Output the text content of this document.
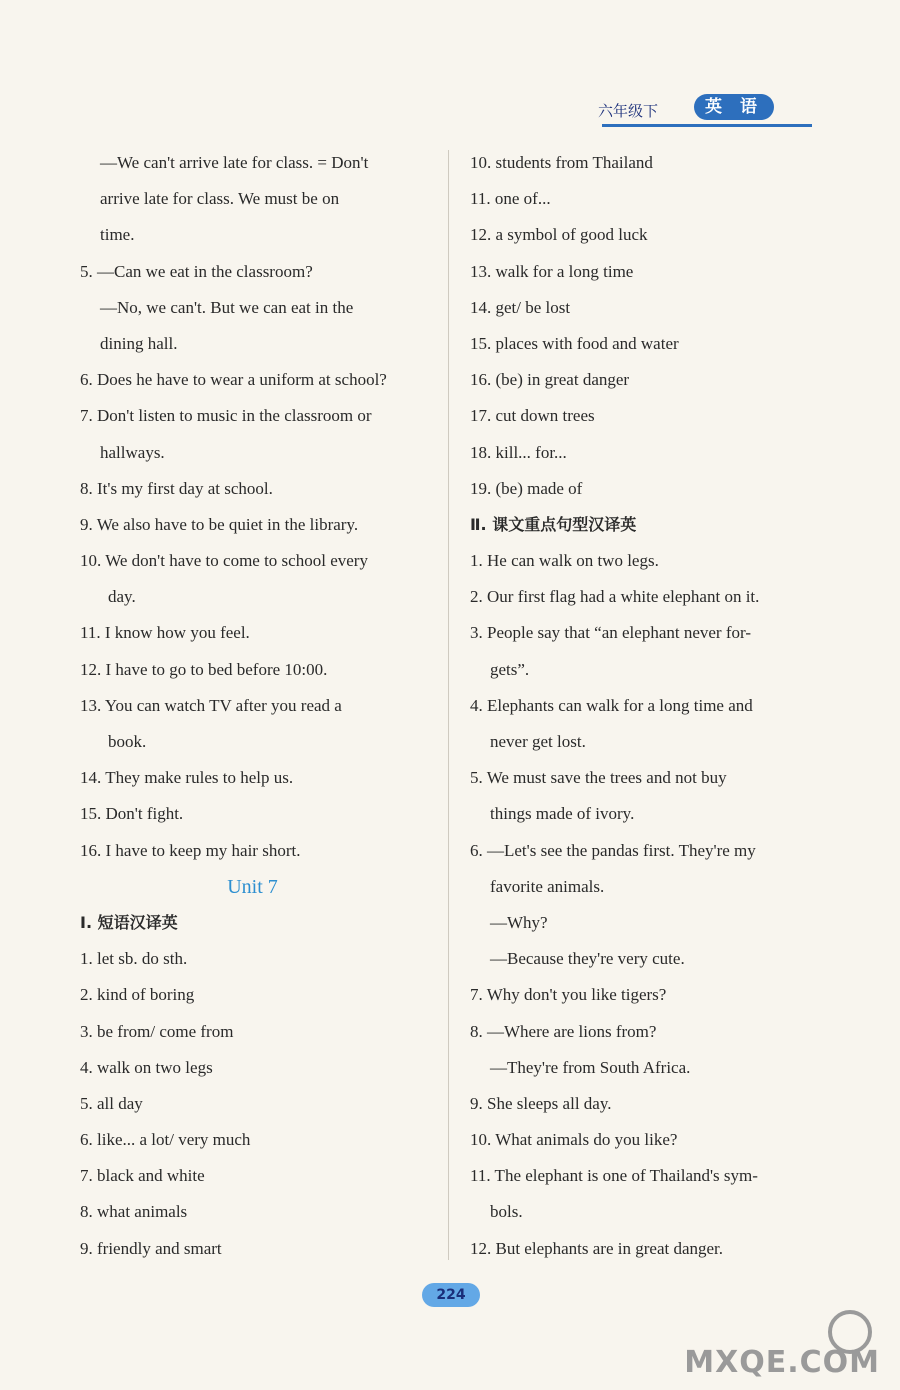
六年级下	英 语
—We can't arrive late for class. = Don't
arrive late for class. We must be on
time.
5. —Can we eat in the classroom?
—No, we can't. But we can eat in the
dining hall.
6. Does he have to wear a uniform at school?
7. Don't listen to music in the classroom or
hallways.
8. It's my first day at school.
9. We also have to be quiet in the library.
10. We don't have to come to school every
day.
11. I know how you feel.
12. I have to go to bed before 10:00.
13. You can watch TV after you read a
book.
14. They make rules to help us.
15. Don't fight.
16. I have to keep my hair short.
Unit 7
Ⅰ. 短语汉译英
1. let sb. do sth.
2. kind of boring
3. be from/ come from
4. walk on two legs
5. all day
6. like... a lot/ very much
7. black and white
8. what animals
9. friendly and smart
10. students from Thailand
11. one of...
12. a symbol of good luck
13. walk for a long time
14. get/ be lost
15. places with food and water
16. (be) in great danger
17. cut down trees
18. kill... for...
19. (be) made of
Ⅱ. 课文重点句型汉译英
1. He can walk on two legs.
2. Our first flag had a white elephant on it.
3. People say that “an elephant never for-
gets”.
4. Elephants can walk for a long time and
never get lost.
5. We must save the trees and not buy
things made of ivory.
6. —Let's see the pandas first. They're my
favorite animals.
—Why?
—Because they're very cute.
7. Why don't you like tigers?
8. —Where are lions from?
—They're from South Africa.
9. She sleeps all day.
10. What animals do you like?
11. The elephant is one of Thailand's sym-
bols.
12. But elephants are in great danger.
224
MXQE.COM
